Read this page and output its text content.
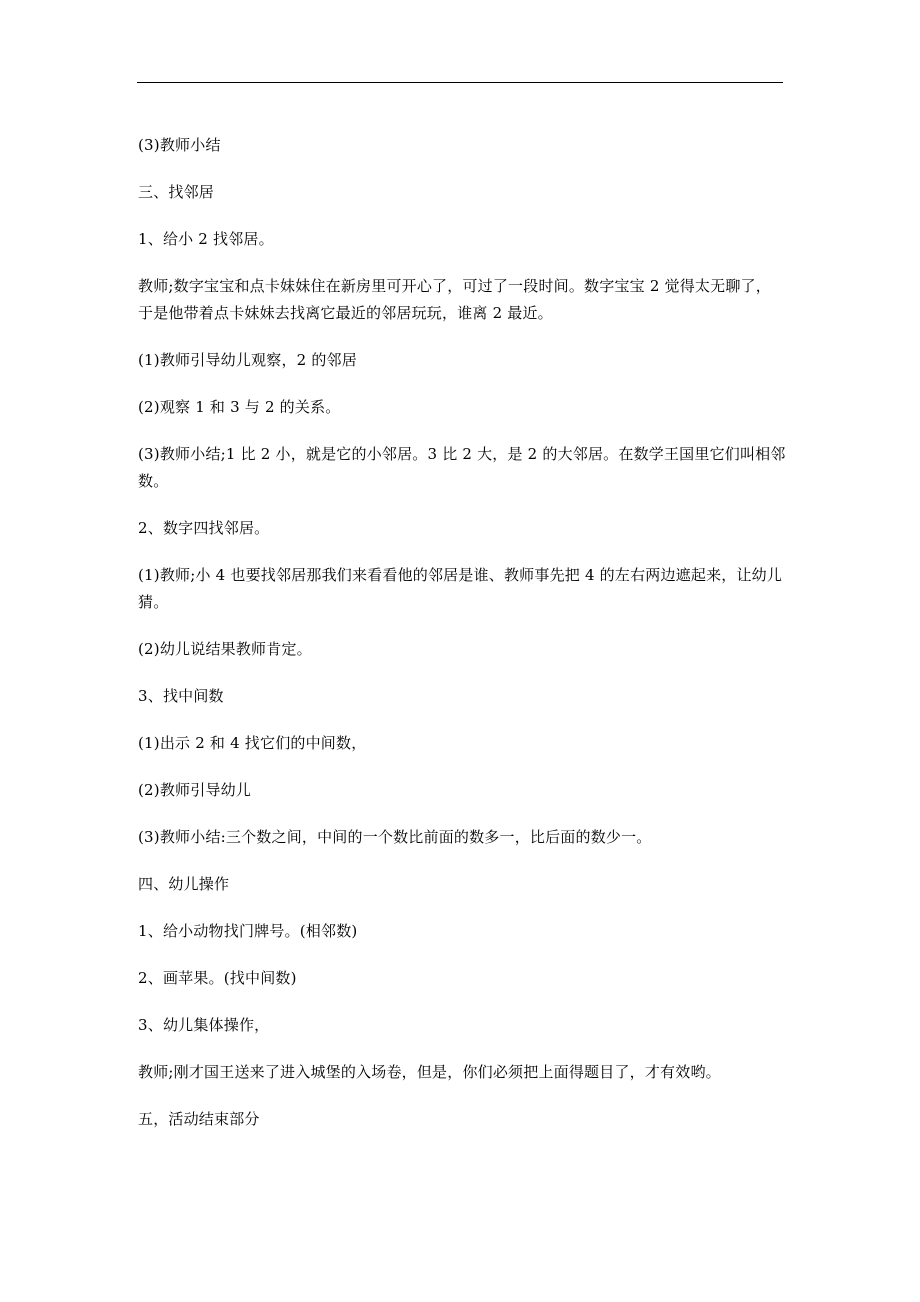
(3)教师小结

三、找邻居

1、给小 2 找邻居。

教师;数字宝宝和点卡妹妹住在新房里可开心了，可过了一段时间。数字宝宝 2 觉得太无聊了，于是他带着点卡妹妹去找离它最近的邻居玩玩，谁离 2 最近。

(1)教师引导幼儿观察，2 的邻居

(2)观察 1 和 3 与 2 的关系。

(3)教师小结;1 比 2 小，就是它的小邻居。3 比 2 大，是 2 的大邻居。在数学王国里它们叫相邻数。

2、数字四找邻居。

(1)教师;小 4 也要找邻居那我们来看看他的邻居是谁、教师事先把 4 的左右两边遮起来，让幼儿猜。

(2)幼儿说结果教师肯定。

3、找中间数

(1)出示 2 和 4 找它们的中间数，

(2)教师引导幼儿

(3)教师小结:三个数之间，中间的一个数比前面的数多一，比后面的数少一。

四、幼儿操作

1、给小动物找门牌号。(相邻数)

2、画苹果。(找中间数)

3、幼儿集体操作，

教师;刚才国王送来了进入城堡的入场卷，但是，你们必须把上面得题目了，才有效哟。

五，活动结束部分
